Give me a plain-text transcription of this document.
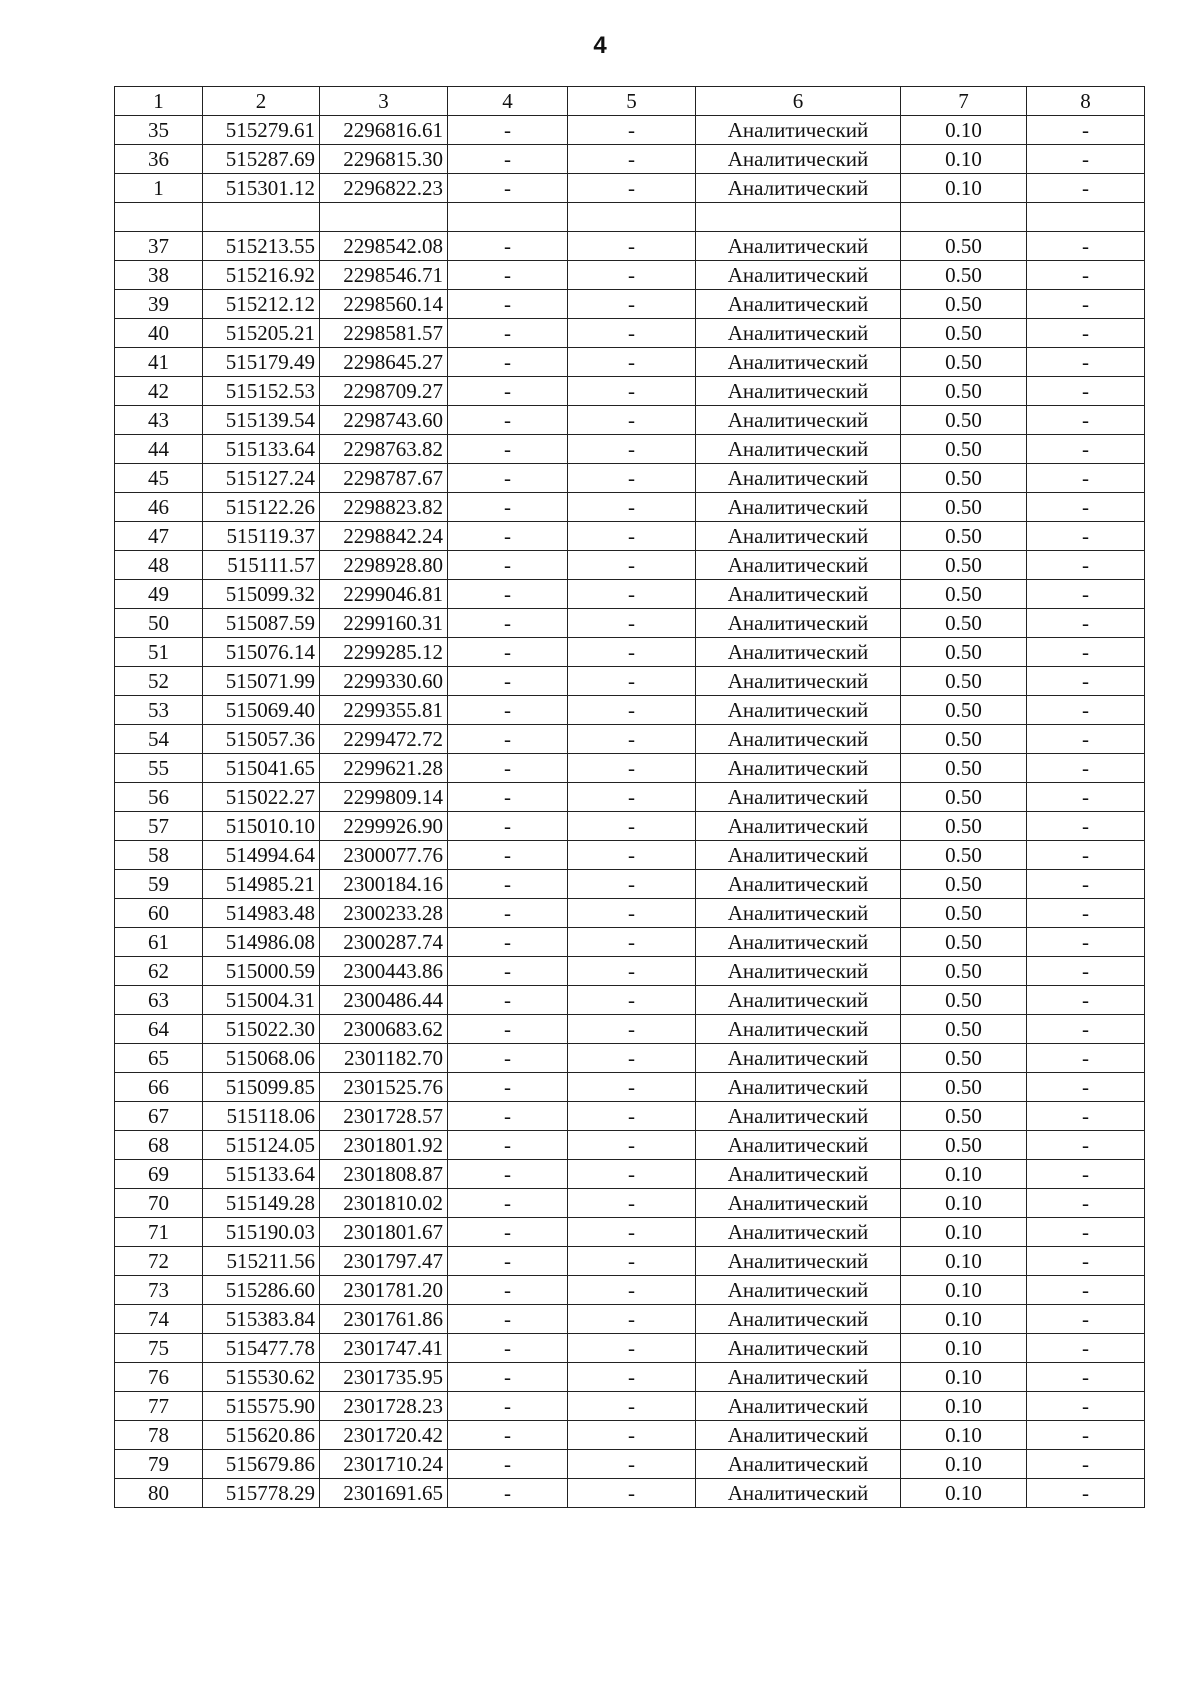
4
1	2	3	4	5	6	7	8
35	515279.61	2296816.61	-	-	Аналитический	0.10	-
36	515287.69	2296815.30	-	-	Аналитический	0.10	-
1	515301.12	2296822.23	-	-	Аналитический	0.10	-

37	515213.55	2298542.08	-	-	Аналитический	0.50	-
38	515216.92	2298546.71	-	-	Аналитический	0.50	-
39	515212.12	2298560.14	-	-	Аналитический	0.50	-
40	515205.21	2298581.57	-	-	Аналитический	0.50	-
41	515179.49	2298645.27	-	-	Аналитический	0.50	-
42	515152.53	2298709.27	-	-	Аналитический	0.50	-
43	515139.54	2298743.60	-	-	Аналитический	0.50	-
44	515133.64	2298763.82	-	-	Аналитический	0.50	-
45	515127.24	2298787.67	-	-	Аналитический	0.50	-
46	515122.26	2298823.82	-	-	Аналитический	0.50	-
47	515119.37	2298842.24	-	-	Аналитический	0.50	-
48	515111.57	2298928.80	-	-	Аналитический	0.50	-
49	515099.32	2299046.81	-	-	Аналитический	0.50	-
50	515087.59	2299160.31	-	-	Аналитический	0.50	-
51	515076.14	2299285.12	-	-	Аналитический	0.50	-
52	515071.99	2299330.60	-	-	Аналитический	0.50	-
53	515069.40	2299355.81	-	-	Аналитический	0.50	-
54	515057.36	2299472.72	-	-	Аналитический	0.50	-
55	515041.65	2299621.28	-	-	Аналитический	0.50	-
56	515022.27	2299809.14	-	-	Аналитический	0.50	-
57	515010.10	2299926.90	-	-	Аналитический	0.50	-
58	514994.64	2300077.76	-	-	Аналитический	0.50	-
59	514985.21	2300184.16	-	-	Аналитический	0.50	-
60	514983.48	2300233.28	-	-	Аналитический	0.50	-
61	514986.08	2300287.74	-	-	Аналитический	0.50	-
62	515000.59	2300443.86	-	-	Аналитический	0.50	-
63	515004.31	2300486.44	-	-	Аналитический	0.50	-
64	515022.30	2300683.62	-	-	Аналитический	0.50	-
65	515068.06	2301182.70	-	-	Аналитический	0.50	-
66	515099.85	2301525.76	-	-	Аналитический	0.50	-
67	515118.06	2301728.57	-	-	Аналитический	0.50	-
68	515124.05	2301801.92	-	-	Аналитический	0.50	-
69	515133.64	2301808.87	-	-	Аналитический	0.10	-
70	515149.28	2301810.02	-	-	Аналитический	0.10	-
71	515190.03	2301801.67	-	-	Аналитический	0.10	-
72	515211.56	2301797.47	-	-	Аналитический	0.10	-
73	515286.60	2301781.20	-	-	Аналитический	0.10	-
74	515383.84	2301761.86	-	-	Аналитический	0.10	-
75	515477.78	2301747.41	-	-	Аналитический	0.10	-
76	515530.62	2301735.95	-	-	Аналитический	0.10	-
77	515575.90	2301728.23	-	-	Аналитический	0.10	-
78	515620.86	2301720.42	-	-	Аналитический	0.10	-
79	515679.86	2301710.24	-	-	Аналитический	0.10	-
80	515778.29	2301691.65	-	-	Аналитический	0.10	-
